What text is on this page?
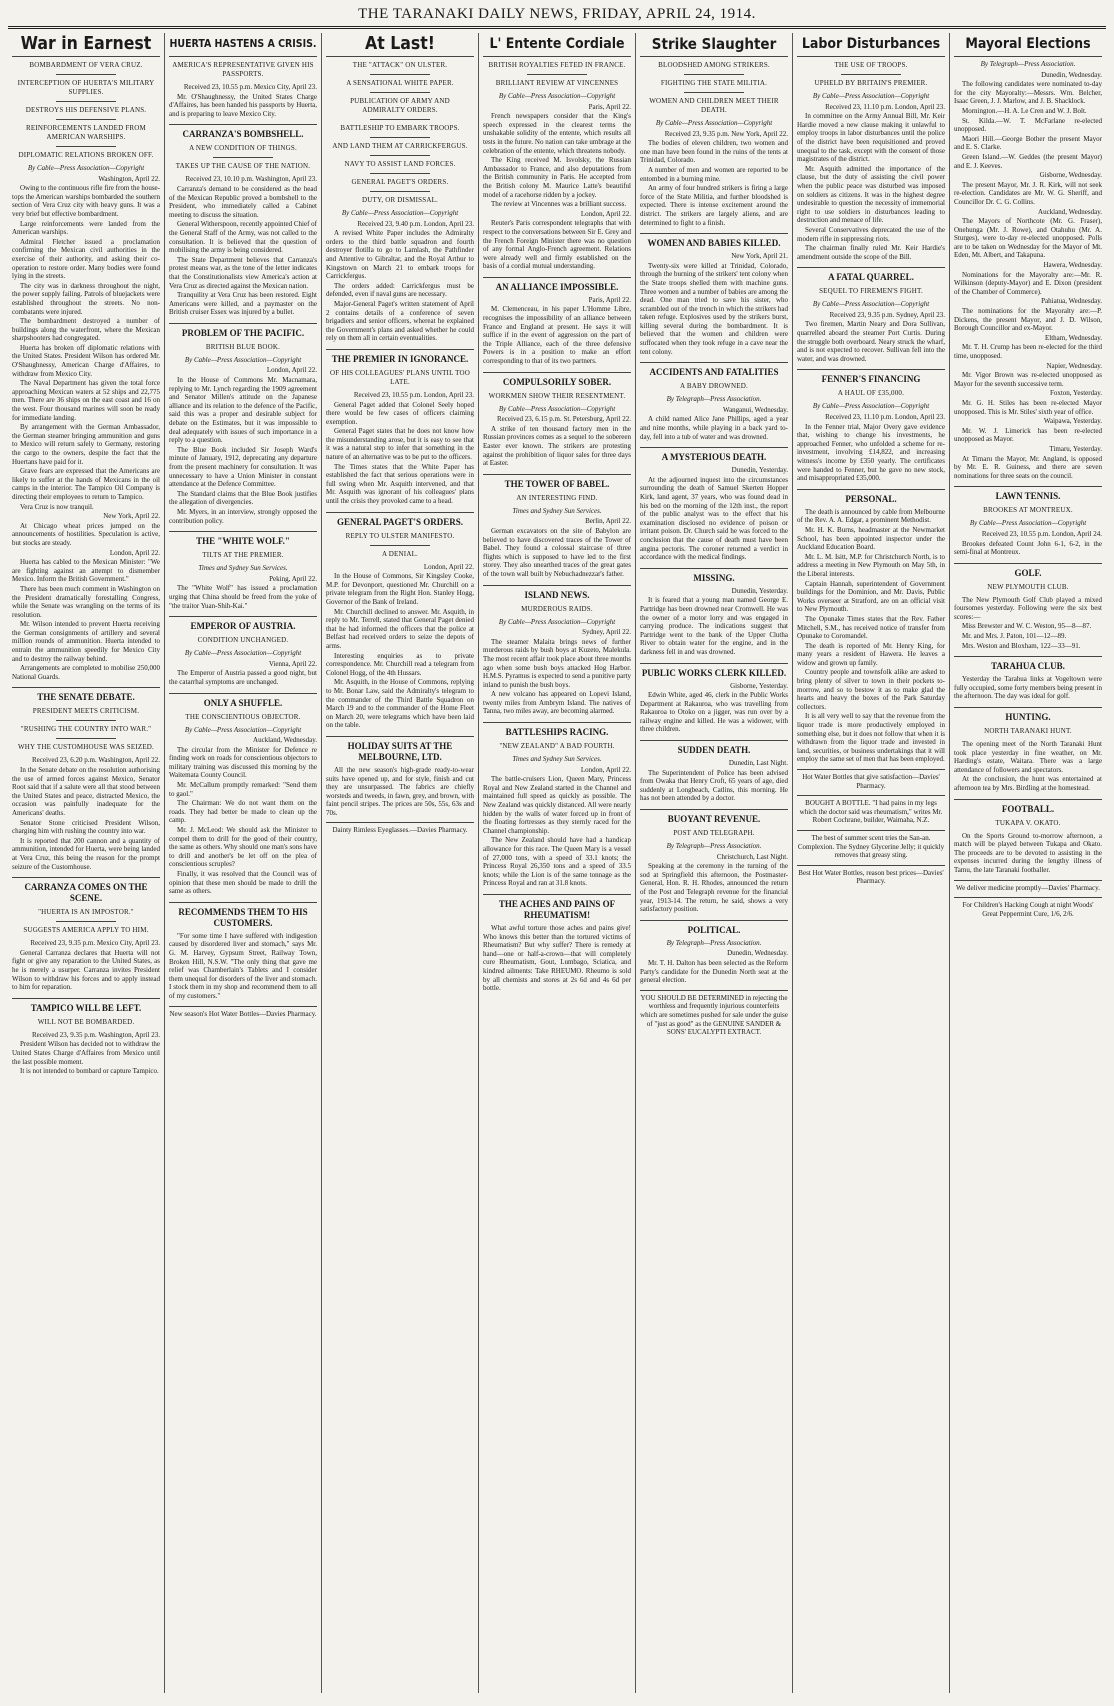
THE TARANAKI DAILY NEWS, FRIDAY, APRIL 24, 1914.
War in Earnest
BOMBARDMENT OF VERA CRUZ.
INTERCEPTION OF HUERTA'S MILITARY SUPPLIES.
DESTROYS HIS DEFENSIVE PLANS.
REINFORCEMENTS LANDED FROM AMERICAN WARSHIPS.
DIPLOMATIC RELATIONS BROKEN OFF.
By Cable—Press Association—Copyright
Washington, April 22.
Owing to the continuous rifle fire from the house-tops the American warships bombarded the southern section of Vera Cruz city with heavy guns. It was a very brief but effective bombardment.
Large reinforcements were landed from the American warships.
Admiral Fletcher issued a proclamation confirming the Mexican civil authorities in the exercise of their authority, and asking their co-operation to restore order. Many bodies were found lying in the streets.
The city was in darkness throughout the night, the power supply failing. Patrols of bluejackets were established throughout the streets. No non-combatants were injured.
The bombardment destroyed a number of buildings along the waterfront, where the Mexican sharpshooters had congregated.
Huerta has broken off diplomatic relations with the United States. President Wilson has ordered Mr. O'Shaughnessy, American Charge d'Affaires, to withdraw from Mexico City.
The Naval Department has given the total force approaching Mexican waters at 52 ships and 22,775 men. There are 36 ships on the east coast and 16 on the west. Four thousand marines will soon be ready for immediate landing.
By arrangement with the German Ambassador, the German steamer bringing ammunition and guns to Mexico will return safely to Germany, restoring the cargo to the owners, despite the fact that the Huertans have paid for it.
Grave fears are expressed that the Americans are likely to suffer at the hands of Mexicans in the oil camps in the interior. The Tampico Oil Company is directing their employees to return to Tampico.
Vera Cruz is now tranquil.
New York, April 22.
At Chicago wheat prices jumped on the announcements of hostilities. Speculation is active, but stocks are steady.
London, April 22.
Huerta has cabled to the Mexican Minister: "We are fighting against an attempt to dismember Mexico. Inform the British Government."
There has been much comment in Washington on the President dramatically forestalling Congress, while the Senate was wrangling on the terms of its resolution.
Mr. Wilson intended to prevent Huerta receiving the German consignments of artillery and several million rounds of ammunition. Huerta intended to entrain the ammunition speedily for Mexico City and to destroy the railway behind.
Arrangements are completed to mobilise 250,000 National Guards.
THE SENATE DEBATE.
PRESIDENT MEETS CRITICISM.
"RUSHING THE COUNTRY INTO WAR."
WHY THE CUSTOMHOUSE WAS SEIZED.
Received 23, 6.20 p.m. Washington, April 22.
In the Senate debate on the resolution authorising the use of armed forces against Mexico, Senator Root said that if a salute were all that stood between the United States and peace, distracted Mexico, the occasion was painfully inadequate for the Americans' deaths.
Senator Stone criticised President Wilson, charging him with rushing the country into war.
It is reported that 200 cannon and a quantity of ammunition, intended for Huerta, were being landed at Vera Cruz, this being the reason for the prompt seizure of the Customhouse.
CARRANZA COMES ON THE SCENE.
"HUERTA IS AN IMPOSTOR."
SUGGESTS AMERICA APPLY TO HIM.
Received 23, 9.35 p.m. Mexico City, April 23.
General Carranza declares that Huerta will not fight or give any reparation to the United States, as he is merely a usurper. Carranza invites President Wilson to withdraw his forces and to apply instead to him for reparation.
TAMPICO WILL BE LEFT.
WILL NOT BE BOMBARDED.
Received 23, 9.35 p.m. Washington, April 23.
President Wilson has decided not to withdraw the United States Charge d'Affaires from Mexico until the last possible moment.
It is not intended to bombard or capture Tampico.
HUERTA HASTENS A CRISIS.
AMERICA'S REPRESENTATIVE GIVEN HIS PASSPORTS.
Received 23, 10.55 p.m. Mexico City, April 23.
Mr. O'Shaughnessy, the United States Charge d'Affaires, has been handed his passports by Huerta, and is preparing to leave Mexico City.
CARRANZA'S BOMBSHELL.
A NEW CONDITION OF THINGS.
TAKES UP THE CAUSE OF THE NATION.
Received 23, 10.10 p.m. Washington, April 23.
Carranza's demand to be considered as the head of the Mexican Republic proved a bombshell to the President, who immediately called a Cabinet meeting to discuss the situation.
General Witherspoon, recently appointed Chief of the General Staff of the Army, was not called to the consultation. It is believed that the question of mobilising the army is being considered.
The State Department believes that Carranza's protest means war, as the tone of the letter indicates that the Constitutionalists view America's action at Vera Cruz as directed against the Mexican nation.
Tranquility at Vera Cruz has been restored. Eight Americans were killed, and a paymaster on the British cruiser Essex was injured by a bullet.
PROBLEM OF THE PACIFIC.
BRITISH BLUE BOOK.
By Cable—Press Association—Copyright
London, April 22.
In the House of Commons Mr. Macnamara, replying to Mr. Lynch regarding the 1909 agreement and Senator Millen's attitude on the Japanese alliance and its relation to the defence of the Pacific, said this was a proper and desirable subject for debate on the Estimates, but it was impossible to deal adequately with issues of such importance in a reply to a question.
The Blue Book included Sir Joseph Ward's minute of January, 1912, deprecating any departure from the present machinery for consultation. It was unnecessary to have a Union Minister in constant attendance at the Defence Committee.
The Standard claims that the Blue Book justifies the allegation of divergencies.
Mr. Myers, in an interview, strongly opposed the contribution policy.
THE "WHITE WOLF."
TILTS AT THE PREMIER.
Times and Sydney Sun Services.
Peking, April 22.
The "White Wolf" has issued a proclamation urging that China should be freed from the yoke of "the traitor Yuan-Shih-Kai."
EMPEROR OF AUSTRIA.
CONDITION UNCHANGED.
By Cable—Press Association—Copyright
Vienna, April 22.
The Emperor of Austria passed a good night, but the catarrhal symptoms are unchanged.
ONLY A SHUFFLE.
THE CONSCIENTIOUS OBJECTOR.
By Cable—Press Association—Copyright
Auckland, Wednesday.
The circular from the Minister for Defence re finding work on roads for conscientious objectors to military training was discussed this morning by the Waitemata County Council.
Mr. McCallum promptly remarked: "Send them to gaol."
The Chairman: We do not want them on the roads. They had better be made to clean up the camp.
Mr. J. McLeod: We should ask the Minister to compel them to drill for the good of their country, the same as others. Why should one man's sons have to drill and another's be let off on the plea of conscientious scruples?
Finally, it was resolved that the Council was of opinion that these men should be made to drill the same as others.
RECOMMENDS THEM TO HIS CUSTOMERS.
"For some time I have suffered with indigestion caused by disordered liver and stomach," says Mr. G. M. Harvey, Gypsum Street, Railway Town, Broken Hill, N.S.W. "The only thing that gave me relief was Chamberlain's Tablets and I consider them unequal for disorders of the liver and stomach. I stock them in my shop and recommend them to all of my customers."
New season's Hot Water Bottles—Davies Pharmacy.
At Last!
THE "ATTACK" ON ULSTER.
A SENSATIONAL WHITE PAPER.
PUBLICATION OF ARMY AND ADMIRALTY ORDERS.
BATTLESHIP TO EMBARK TROOPS.
AND LAND THEM AT CARRICKFERGUS.
NAVY TO ASSIST LAND FORCES.
GENERAL PAGET'S ORDERS.
DUTY, OR DISMISSAL.
By Cable—Press Association—Copyright
Received 23, 9.40 p.m. London, April 23.
A revised White Paper includes the Admiralty orders to the third battle squadron and fourth destroyer flotilla to go to Lamlash, the Pathfinder and Attentive to Gibraltar, and the Royal Arthur to Kingstown on March 21 to embark troops for Carrickfergus.
The orders added: Carrickfergus must be defended, even if naval guns are necessary.
Major-General Paget's written statement of April 2 contains details of a conference of seven brigadiers and senior officers, whereat he explained the Government's plans and asked whether he could rely on them all in certain eventualities.
THE PREMIER IN IGNORANCE.
OF HIS COLLEAGUES' PLANS UNTIL TOO LATE.
Received 23, 10.55 p.m. London, April 23.
General Paget added that Colonel Seely hoped there would be few cases of officers claiming exemption.
General Paget states that he does not know how the misunderstanding arose, but it is easy to see that it was a natural step to infer that something in the nature of an alternative was to be put to the officers.
The Times states that the White Paper has established the fact that serious operations were in full swing when Mr. Asquith intervened, and that Mr. Asquith was ignorant of his colleagues' plans until the crisis they provoked came to a head.
GENERAL PAGET'S ORDERS.
REPLY TO ULSTER MANIFESTO.
A DENIAL.
London, April 22.
In the House of Commons, Sir Kingsley Cooke, M.P. for Devonport, questioned Mr. Churchill on a private telegram from the Right Hon. Stanley Hogg, Governor of the Bank of Ireland.
Mr. Churchill declined to answer. Mr. Asquith, in reply to Mr. Terrell, stated that General Paget denied that he had informed the officers that the police at Belfast had received orders to seize the depots of arms.
Interesting enquiries as to private correspondence. Mr. Churchill read a telegram from Colonel Hogg, of the 4th Hussars.
Mr. Asquith, in the House of Commons, replying to Mr. Bonar Law, said the Admiralty's telegram to the commander of the Third Battle Squadron on March 19 and to the commander of the Home Fleet on March 20, were telegrams which have been laid on the table.
HOLIDAY SUITS AT THE MELBOURNE, LTD.
All the new season's high-grade ready-to-wear suits have opened up, and for style, finish and cut they are unsurpassed. The fabrics are chiefly worsteds and tweeds, in fawn, grey, and brown, with faint pencil stripes. The prices are 50s, 55s, 63s and 70s.
Dainty Rimless Eyeglasses.—Davies Pharmacy.
L' Entente Cordiale
BRITISH ROYALTIES FETED IN FRANCE.
BRILLIANT REVIEW AT VINCENNES
By Cable—Press Association—Copyright
Paris, April 22.
French newspapers consider that the King's speech expressed in the clearest terms the unshakable solidity of the entente, which results all tests in the future. No nation can take umbrage at the celebration of the entente, which threatens nobody.
The King received M. Isvolsky, the Russian Ambassador to France, and also deputations from the British community in Paris. He accepted from the British colony M. Maurice Latte's beautiful model of a racehorse ridden by a jockey.
The review at Vincennes was a brilliant success.
London, April 22.
Reuter's Paris correspondent telegraphs that with respect to the conversations between Sir E. Grey and the French Foreign Minister there was no question of any formal Anglo-French agreement. Relations were already well and firmly established on the basis of a cordial mutual understanding.
AN ALLIANCE IMPOSSIBLE.
Paris, April 22.
M. Clemenceau, in his paper L'Homme Libre, recognises the impossibility of an alliance between France and England at present. He says it will suffice if in the event of aggression on the part of the Triple Alliance, each of the three defensive Powers is in a position to make an effort corresponding to that of its two partners.
COMPULSORILY SOBER.
WORKMEN SHOW THEIR RESENTMENT.
By Cable—Press Association—Copyright
Received 23, 6.15 p.m. St. Petersburg, April 22.
A strike of ten thousand factory men in the Russian provinces comes as a sequel to the sobereen Easter ever known. The strikers are protesting against the prohibition of liquor sales for three days at Easter.
THE TOWER OF BABEL.
AN INTERESTING FIND.
Times and Sydney Sun Services.
Berlin, April 22.
German excavators on the site of Babylon are believed to have discovered traces of the Tower of Babel. They found a colossal staircase of three flights which is supposed to have led to the first storey. They also unearthed traces of the great gates of the town wall built by Nebuchadnezzar's father.
ISLAND NEWS.
MURDEROUS RAIDS.
By Cable—Press Association—Copyright
Sydney, April 22.
The steamer Malaita brings news of further murderous raids by bush boys at Kuzeto, Malekula. The most recent affair took place about three months ago when some bush boys attacked Hog Harbor. H.M.S. Pyramus is expected to send a punitive party inland to punish the bush boys.
A new volcano has appeared on Lopevi Island, twenty miles from Ambrym Island. The natives of Tanna, two miles away, are becoming alarmed.
BATTLESHIPS RACING.
"NEW ZEALAND" A BAD FOURTH.
Times and Sydney Sun Services.
London, April 22.
The battle-cruisers Lion, Queen Mary, Princess Royal and New Zealand started in the Channel and maintained full speed as quickly as possible. The New Zealand was quickly distanced. All were nearly hidden by the walls of water forced up in front of the floating fortresses as they sternly raced for the Channel championship.
The New Zealand should have had a handicap allowance for this race. The Queen Mary is a vessel of 27,000 tons, with a speed of 33.1 knots; the Princess Royal 26,350 tons and a speed of 33.5 knots; while the Lion is of the same tonnage as the Princess Royal and ran at 31.8 knots.
THE ACHES AND PAINS OF RHEUMATISM!
What awful torture those aches and pains give! Who knows this better than the tortured victims of Rheumatism? But why suffer? There is remedy at hand—one or half-a-crown—that will completely cure Rheumatism, Gout, Lumbago, Sciatica, and kindred ailments: Take RHEUMO. Rheumo is sold by all chemists and stores at 2s 6d and 4s 6d per bottle.
Strike Slaughter
BLOODSHED AMONG STRIKERS.
FIGHTING THE STATE MILITIA.
WOMEN AND CHILDREN MEET THEIR DEATH.
By Cable—Press Association—Copyright
Received 23, 9.35 p.m. New York, April 22.
The bodies of eleven children, two women and one man have been found in the ruins of the tents at Trinidad, Colorado.
A number of men and women are reported to be entombed in a burning mine.
An army of four hundred strikers is firing a large force of the State Militia, and further bloodshed is expected. There is intense excitement around the district. The strikers are largely aliens, and are determined to fight to a finish.
WOMEN AND BABIES KILLED.
New York, April 21.
Twenty-six were killed at Trinidad, Colorado, through the burning of the strikers' tent colony when the State troops shelled them with machine guns. Three women and a number of babies are among the dead. One man tried to save his sister, who scrambled out of the trench in which the strikers had taken refuge. Explosives used by the strikers burst, killing several during the bombardment. It is believed that the women and children were suffocated when they took refuge in a cave near the tent colony.
ACCIDENTS AND FATALITIES
A BABY DROWNED.
By Telegraph—Press Association.
Wanganui, Wednesday.
A child named Alice Jane Phillips, aged a year and nine months, while playing in a back yard to-day, fell into a tub of water and was drowned.
A MYSTERIOUS DEATH.
Dunedin, Yesterday.
At the adjourned inquest into the circumstances surrounding the death of Samuel Skerten Hopper Kirk, land agent, 37 years, who was found dead in his bed on the morning of the 12th inst., the report of the public analyst was to the effect that his examination disclosed no evidence of poison or irritant poison. Dr. Church said he was forced to the conclusion that the cause of death must have been angina pectoris. The coroner returned a verdict in accordance with the medical findings.
MISSING.
Dunedin, Yesterday.
It is feared that a young man named George E. Partridge has been drowned near Cromwell. He was the owner of a motor lorry and was engaged in carrying produce. The indications suggest that Partridge went to the bank of the Upper Clutha River to obtain water for the engine, and in the darkness fell in and was drowned.
PUBLIC WORKS CLERK KILLED.
Gisborne, Yesterday.
Edwin White, aged 46, clerk in the Public Works Department at Rakauroa, who was travelling from Rakauroa to Otoko on a jigger, was run over by a railway engine and killed. He was a widower, with three children.
SUDDEN DEATH.
Dunedin, Last Night.
The Superintendent of Police has been advised from Owaka that Henry Croft, 65 years of age, died suddenly at Longbeach, Catlins, this morning. He has not been attended by a doctor.
BUOYANT REVENUE.
POST AND TELEGRAPH.
By Telegraph—Press Association.
Christchurch, Last Night.
Speaking at the ceremony in the turning of the sod at Springfield this afternoon, the Postmaster-General, Hon. R. H. Rhodes, announced the return of the Post and Telegraph revenue for the financial year, 1913-14. The return, he said, shows a very satisfactory position.
POLITICAL.
By Telegraph—Press Association.
Dunedin, Wednesday.
Mr. T. H. Dalton has been selected as the Reform Party's candidate for the Dunedin North seat at the general election.
YOU SHOULD BE DETERMINED in rejecting the worthless and frequently injurious counterfeits which are sometimes pushed for sale under the guise of "just as good" as the GENUINE SANDER & SONS' EUCALYPTI EXTRACT.
Labor Disturbances
THE USE OF TROOPS.
UPHELD BY BRITAIN'S PREMIER.
By Cable—Press Association—Copyright
Received 23, 11.10 p.m. London, April 23.
In committee on the Army Annual Bill, Mr. Keir Hardie moved a new clause making it unlawful to employ troops in labor disturbances until the police of the district have been requisitioned and proved unequal to the task, except with the consent of those magistrates of the district.
Mr. Asquith admitted the importance of the clause, but the duty of assisting the civil power when the public peace was disturbed was imposed on soldiers as citizens. It was in the highest degree undesirable to question the necessity of immemorial right to use soldiers in disturbances leading to destruction and menace of life.
Several Conservatives deprecated the use of the modern rifle in suppressing riots.
The chairman finally ruled Mr. Keir Hardie's amendment outside the scope of the Bill.
A FATAL QUARREL.
SEQUEL TO FIREMEN'S FIGHT.
By Cable—Press Association—Copyright
Received 23, 9.35 p.m. Sydney, April 23.
Two firemen, Martin Neary and Dora Sullivan, quarrelled aboard the steamer Port Curtis. During the struggle both overboard. Neary struck the wharf, and is not expected to recover. Sullivan fell into the water, and was drowned.
FENNER'S FINANCING
A HAUL OF £35,000.
By Cable—Press Association—Copyright
Received 23, 11.10 p.m. London, April 23.
In the Fenner trial, Major Overy gave evidence that, wishing to change his investments, he approached Fenner, who unfolded a scheme for re-investment, involving £14,822, and increasing witness's income by £350 yearly. The certificates were handed to Fenner, but he gave no new stock, and misappropriated £35,000.
PERSONAL.
The death is announced by cable from Melbourne of the Rev. A. A. Edgar, a prominent Methodist.
Mr. H. K. Burns, headmaster at the Newmarket School, has been appointed inspector under the Auckland Education Board.
Mr. L. M. Isitt, M.P. for Christchurch North, is to address a meeting in New Plymouth on May 5th, in the Liberal interests.
Captain Hannah, superintendent of Government buildings for the Dominion, and Mr. Davis, Public Works overseer at Stratford, are on an official visit to New Plymouth.
The Opunake Times states that the Rev. Father Mitchell, S.M., has received notice of transfer from Opunake to Coromandel.
The death is reported of Mr. Henry King, for many years a resident of Hawera. He leaves a widow and grown up family.
Country people and townsfolk alike are asked to bring plenty of silver to town in their pockets to-morrow, and so to bestow it as to make glad the hearts and heavy the boxes of the Park Saturday collectors.
It is all very well to say that the revenue from the liquor trade is more productively employed in something else, but it does not follow that when it is withdrawn from the liquor trade and invested in land, securities, or business undertakings that it will employ the same set of men that has been employed.
Hot Water Bottles that give satisfaction—Davies' Pharmacy.
BOUGHT A BOTTLE. "I had pains in my legs which the doctor said was rheumatism," writes Mr. Robert Cochrane, builder, Waimaha, N.Z.
The best of summer scent tries the San-an. Complexion. The Sydney Glycerine Jelly; it quickly removes that greasy sting.
Best Hot Water Bottles, reason best prices—Davies' Pharmacy.
Mayoral Elections
By Telegraph—Press Association.
Dunedin, Wednesday.
The following candidates were nominated to-day for the city Mayoralty:—Messrs. Wm. Belcher, Isaac Green, J. J. Marlow, and J. B. Shacklock.
Mornington.—H. A. Le Cren and W. J. Bolt.
St. Kilda.—W. T. McFarlane re-elected unopposed.
Maori Hill.—George Bother the present Mayor and E. S. Clarke.
Green Island.—W. Geddes (the present Mayor) and E. J. Keeves.
Gisborne, Wednesday.
The present Mayor, Mr. J. R. Kirk, will not seek re-election. Candidates are Mr. W. G. Sheriff, and Councillor Dr. C. G. Collins.
Auckland, Wednesday.
The Mayors of Northcote (Mr. G. Fraser), Onehunga (Mr. J. Rowe), and Otahuhu (Mr. A. Sturges), were to-day re-elected unopposed. Polls are to be taken on Wednesday for the Mayor of Mt. Eden, Mt. Albert, and Takapuna.
Hawera, Wednesday.
Nominations for the Mayoralty are:—Mr. R. Wilkinson (deputy-Mayor) and E. Dixon (president of the Chamber of Commerce).
Pahiatua, Wednesday.
The nominations for the Mayoralty are:—P. Dickens, the present Mayor, and J. D. Wilson, Borough Councillor and ex-Mayor.
Eltham, Wednesday.
Mr. T. H. Crump has been re-elected for the third time, unopposed.
Napier, Wednesday.
Mr. Vigor Brown was re-elected unopposed as Mayor for the seventh successive term.
Foxton, Yesterday.
Mr. G. H. Stiles has been re-elected Mayor unopposed. This is Mr. Stiles' sixth year of office.
Waipawa, Yesterday.
Mr. W. J. Limerick has been re-elected unopposed as Mayor.
Timaru, Yesterday.
At Timaru the Mayor, Mr. Angland, is opposed by Mr. E. R. Guiness, and there are seven nominations for three seats on the council.
LAWN TENNIS.
BROOKES AT MONTREUX.
By Cable—Press Association—Copyright
Received 23, 10.55 p.m. London, April 24.
Brookes defeated Count John 6-1, 6-2, in the semi-final at Montreux.
GOLF.
NEW PLYMOUTH CLUB.
The New Plymouth Golf Club played a mixed foursomes yesterday. Following were the six best scores:—
Miss Brewster and W. C. Weston, 95—8—87.
Mr. and Mrs. J. Paton, 101—12—89.
Mrs. Weston and Bloxham, 122—33—91.
TARAHUA CLUB.
Yesterday the Tarahua links at Vogeltown were fully occupied, some forty members being present in the afternoon. The day was ideal for golf.
HUNTING.
NORTH TARANAKI HUNT.
The opening meet of the North Taranaki Hunt took place yesterday in fine weather, on Mr. Harding's estate, Waitara. There was a large attendance of followers and spectators.
At the conclusion, the hunt was entertained at afternoon tea by Mrs. Birdling at the homestead.
FOOTBALL.
TUKAPA V. OKATO.
On the Sports Ground to-morrow afternoon, a match will be played between Tukapa and Okato. The proceeds are to be devoted to assisting in the expenses incurred during the lengthy illness of Tamu, the late Taranaki footballer.
We deliver medicine promptly—Davies' Pharmacy.
For Children's Hacking Cough at night Woods' Great Peppermint Cure, 1/6, 2/6.
